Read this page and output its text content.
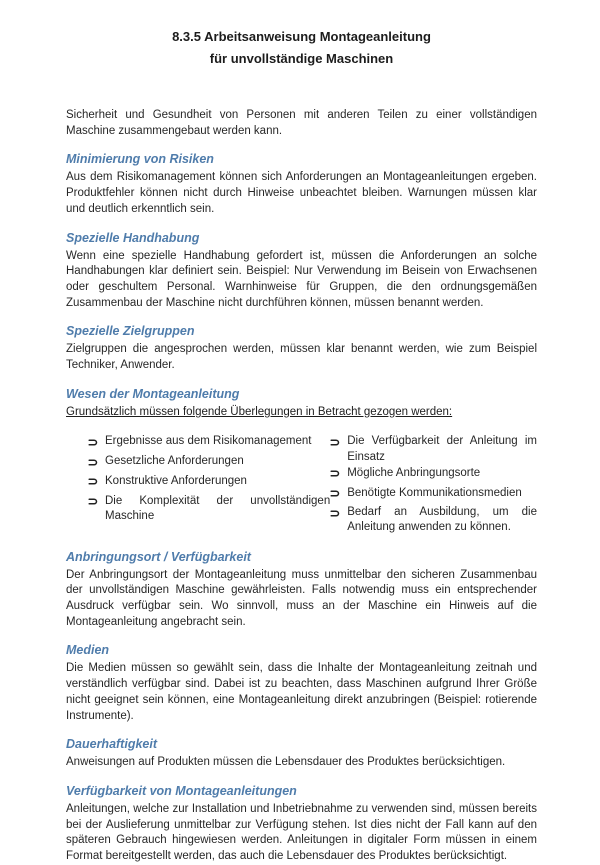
8.3.5 Arbeitsanweisung Montageanleitung
für unvollständige Maschinen

Sicherheit und Gesundheit von Personen mit anderen Teilen zu einer vollständigen Maschine zusammengebaut werden kann.

Minimierung von Risiken

Aus dem Risikomanagement können sich Anforderungen an Montageanleitungen ergeben. Produktfehler können nicht durch Hinweise unbeachtet bleiben. Warnungen müssen klar und deutlich erkenntlich sein.

Spezielle Handhabung

Wenn eine spezielle Handhabung gefordert ist, müssen die Anforderungen an solche Handhabungen klar definiert sein. Beispiel: Nur Verwendung im Beisein von Erwachsenen oder geschultem Personal. Warnhinweise für Gruppen, die den ordnungsgemäßen Zusammenbau der Maschine nicht durchführen können, müssen benannt werden.

Spezielle Zielgruppen

Zielgruppen die angesprochen werden, müssen klar benannt werden, wie zum Beispiel Techniker, Anwender.

Wesen der Montageanleitung

Grundsätzlich müssen folgende Überlegungen in Betracht gezogen werden:

Ergebnisse aus dem Risikomanagement
Gesetzliche Anforderungen
Konstruktive Anforderungen
Die Komplexität der unvollständigen Maschine
Die Verfügbarkeit der Anleitung im Einsatz
Mögliche Anbringungsorte
Benötigte Kommunikationsmedien
Bedarf an Ausbildung, um die Anleitung anwenden zu können.
Anbringungsort / Verfügbarkeit

Der Anbringungsort der Montageanleitung muss unmittelbar den sicheren Zusammenbau der unvollständigen Maschine gewährleisten. Falls notwendig muss ein entsprechender Ausdruck verfügbar sein. Wo sinnvoll, muss an der Maschine ein Hinweis auf die Montageanleitung angebracht sein.

Medien

Die Medien müssen so gewählt sein, dass die Inhalte der Montageanleitung zeitnah und verständlich verfügbar sind. Dabei ist zu beachten, dass Maschinen aufgrund Ihrer Größe nicht geeignet sein können, eine Montageanleitung direkt anzubringen (Beispiel: rotierende Instrumente).

Dauerhaftigkeit

Anweisungen auf Produkten müssen die Lebensdauer des Produktes berücksichtigen.

Verfügbarkeit von Montageanleitungen

Anleitungen, welche zur Installation und Inbetriebnahme zu verwenden sind, müssen bereits bei der Auslieferung unmittelbar zur Verfügung stehen. Ist dies nicht der Fall kann auf den späteren Gebrauch hingewiesen werden. Anleitungen in digitaler Form müssen in einem Format bereitgestellt werden, das auch die Lebensdauer des Produktes berücksichtigt.
